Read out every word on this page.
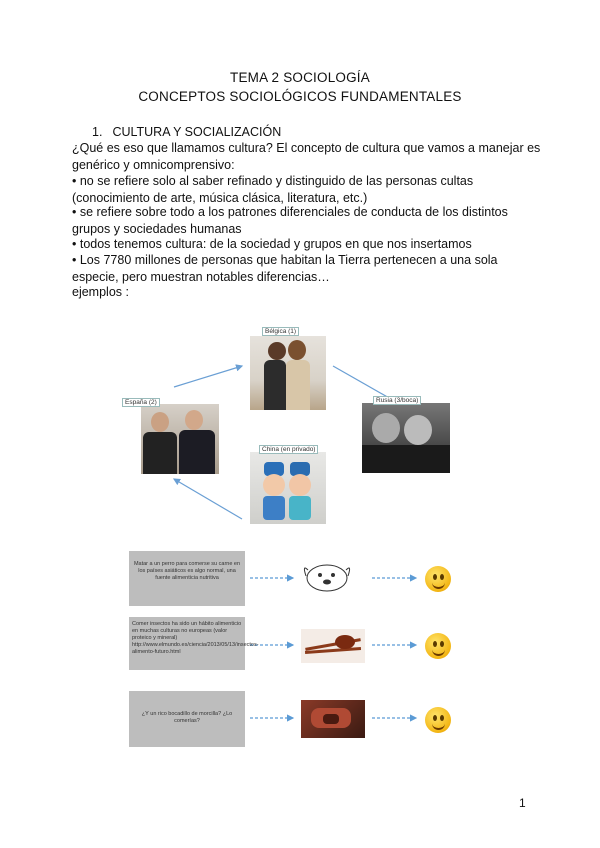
TEMA 2 SOCIOLOGÍA
CONCEPTOS SOCIOLÓGICOS FUNDAMENTALES
1. CULTURA Y SOCIALIZACIÓN
¿Qué es eso que llamamos cultura? El concepto de cultura que vamos a manejar es genérico y omnicomprensivo:
• no se refiere solo al saber refinado y distinguido de las personas cultas (conocimiento de arte, música clásica, literatura, etc.)
• se refiere sobre todo a los patrones diferenciales de conducta de los distintos grupos y sociedades humanas
• todos tenemos cultura: de la sociedad y grupos en que nos insertamos
• Los 7780 millones de personas que habitan la Tierra pertenecen a una sola especie, pero muestran notables diferencias…
ejemplos :
Bélgica (1)
España (2)	Rusia (3/boca)
China (en privado)
Matar a un perro para comerse su carne en los países asiáticos es algo normal, una fuente alimenticia nutritiva
Comer insectos ha sido un hábito alimenticio en muchas culturas no europeas (valor proteico y mineral) http://www.elmundo.es/ciencia/2013/05/13/insectos-alimento-futuro.html
¿Y un rico bocadillo de morcilla? ¿Lo comerías?
1
